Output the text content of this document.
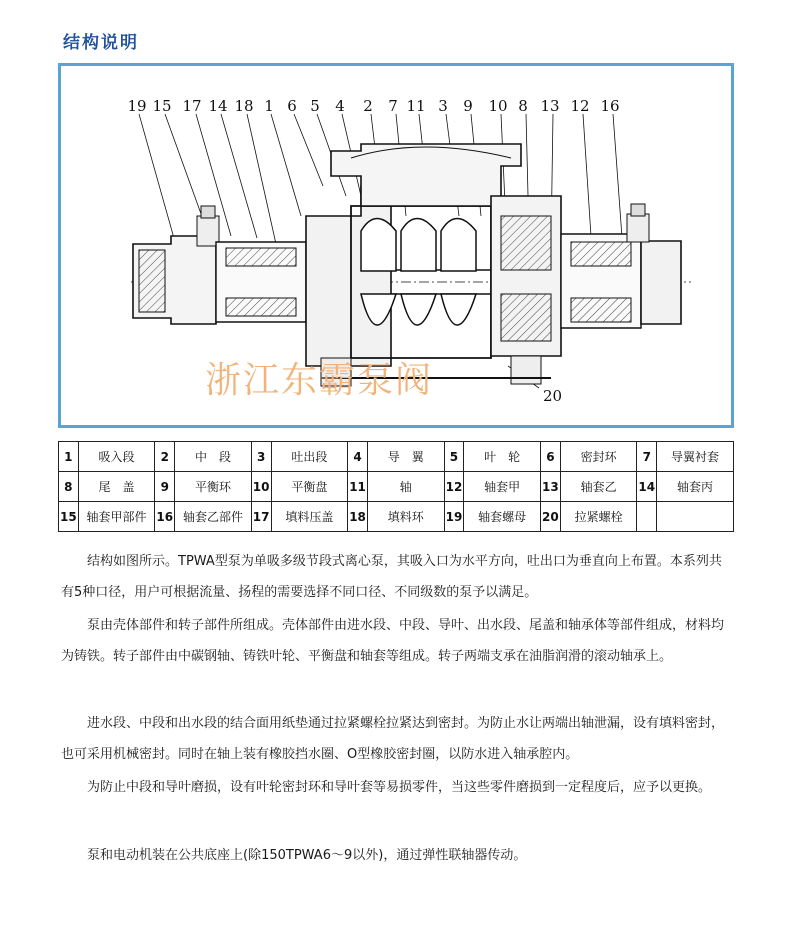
结构说明
19 15 17 14 18 1 6 5 4 2 7 11 3 9 10 8 13 12 16
20
浙江东霸泵阀
1	吸入段	2	中　段	3	吐出段	4	导　翼	5	叶　轮	6	密封环	7	导翼衬套
8	尾　盖	9	平衡环	10	平衡盘	11	轴	12	轴套甲	13	轴套乙	14	轴套丙
15	轴套甲部件	16	轴套乙部件	17	填料压盖	18	填料环	19	轴套螺母	20	拉紧螺栓		

结构如图所示。TPWA型泵为单吸多级节段式离心泵，其吸入口为水平方向，吐出口为垂直向上布置。本系列共有5种口径，用户可根据流量、扬程的需要选择不同口径、不同级数的泵予以满足。

泵由壳体部件和转子部件所组成。壳体部件由进水段、中段、导叶、出水段、尾盖和轴承体等部件组成，材料均为铸铁。转子部件由中碳钢轴、铸铁叶轮、平衡盘和轴套等组成。转子两端支承在油脂润滑的滚动轴承上。

进水段、中段和出水段的结合面用纸垫通过拉紧螺栓拉紧达到密封。为防止水让两端出轴泄漏，设有填料密封，也可采用机械密封。同时在轴上装有橡胶挡水圈、O型橡胶密封圈，以防水进入轴承腔内。

为防止中段和导叶磨损，设有叶轮密封环和导叶套等易损零件，当这些零件磨损到一定程度后，应予以更换。

泵和电动机装在公共底座上(除150TPWA6～9以外)，通过弹性联轴器传动。
